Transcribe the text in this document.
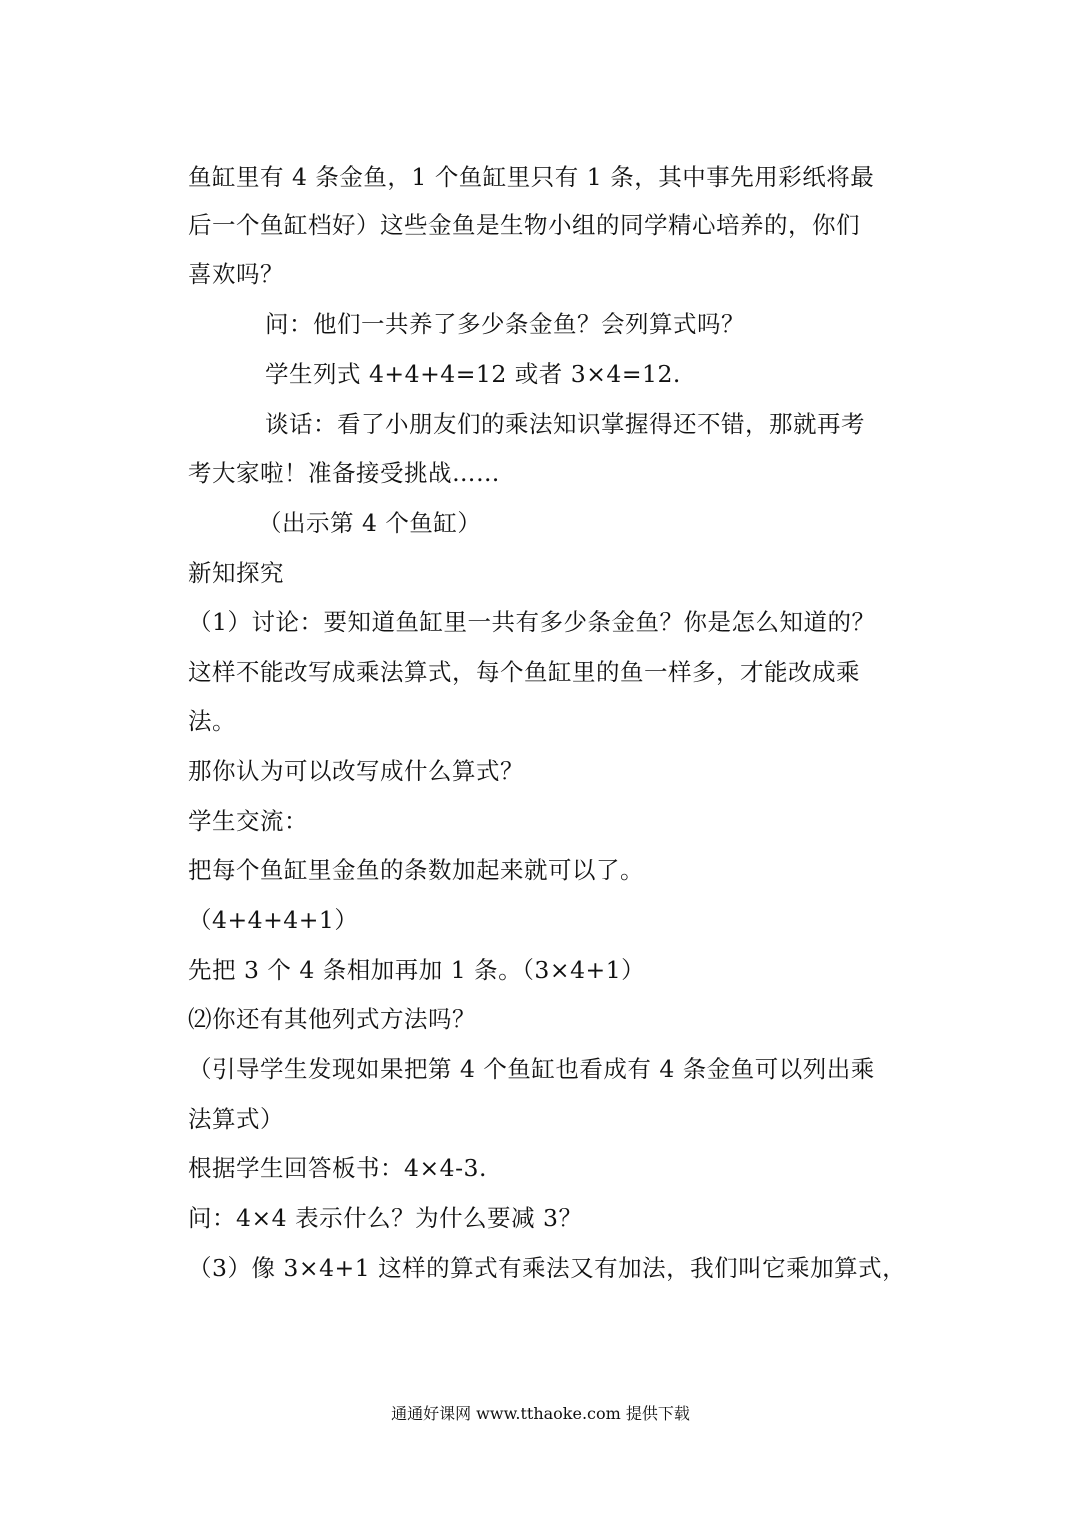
鱼缸里有 4 条金鱼，1 个鱼缸里只有 1 条，其中事先用彩纸将最
后一个鱼缸档好）这些金鱼是生物小组的同学精心培养的，你们
喜欢吗？
问：他们一共养了多少条金鱼？会列算式吗？
学生列式 4+4+4=12 或者 3×4=12.
谈话：看了小朋友们的乘法知识掌握得还不错，那就再考
考大家啦！准备接受挑战……
（出示第 4 个鱼缸）
新知探究
（1）讨论：要知道鱼缸里一共有多少条金鱼？你是怎么知道的？
这样不能改写成乘法算式，每个鱼缸里的鱼一样多，才能改成乘
法。
那你认为可以改写成什么算式？
学生交流：
把每个鱼缸里金鱼的条数加起来就可以了。
（4+4+4+1）
先把 3 个 4 条相加再加 1 条。（3×4+1）
⑵你还有其他列式方法吗？
（引导学生发现如果把第 4 个鱼缸也看成有 4 条金鱼可以列出乘
法算式）
根据学生回答板书：4×4-3.
问：4×4 表示什么？为什么要减 3？
（3）像 3×4+1 这样的算式有乘法又有加法，我们叫它乘加算式，
通通好课网 www.tthaoke.com 提供下载
